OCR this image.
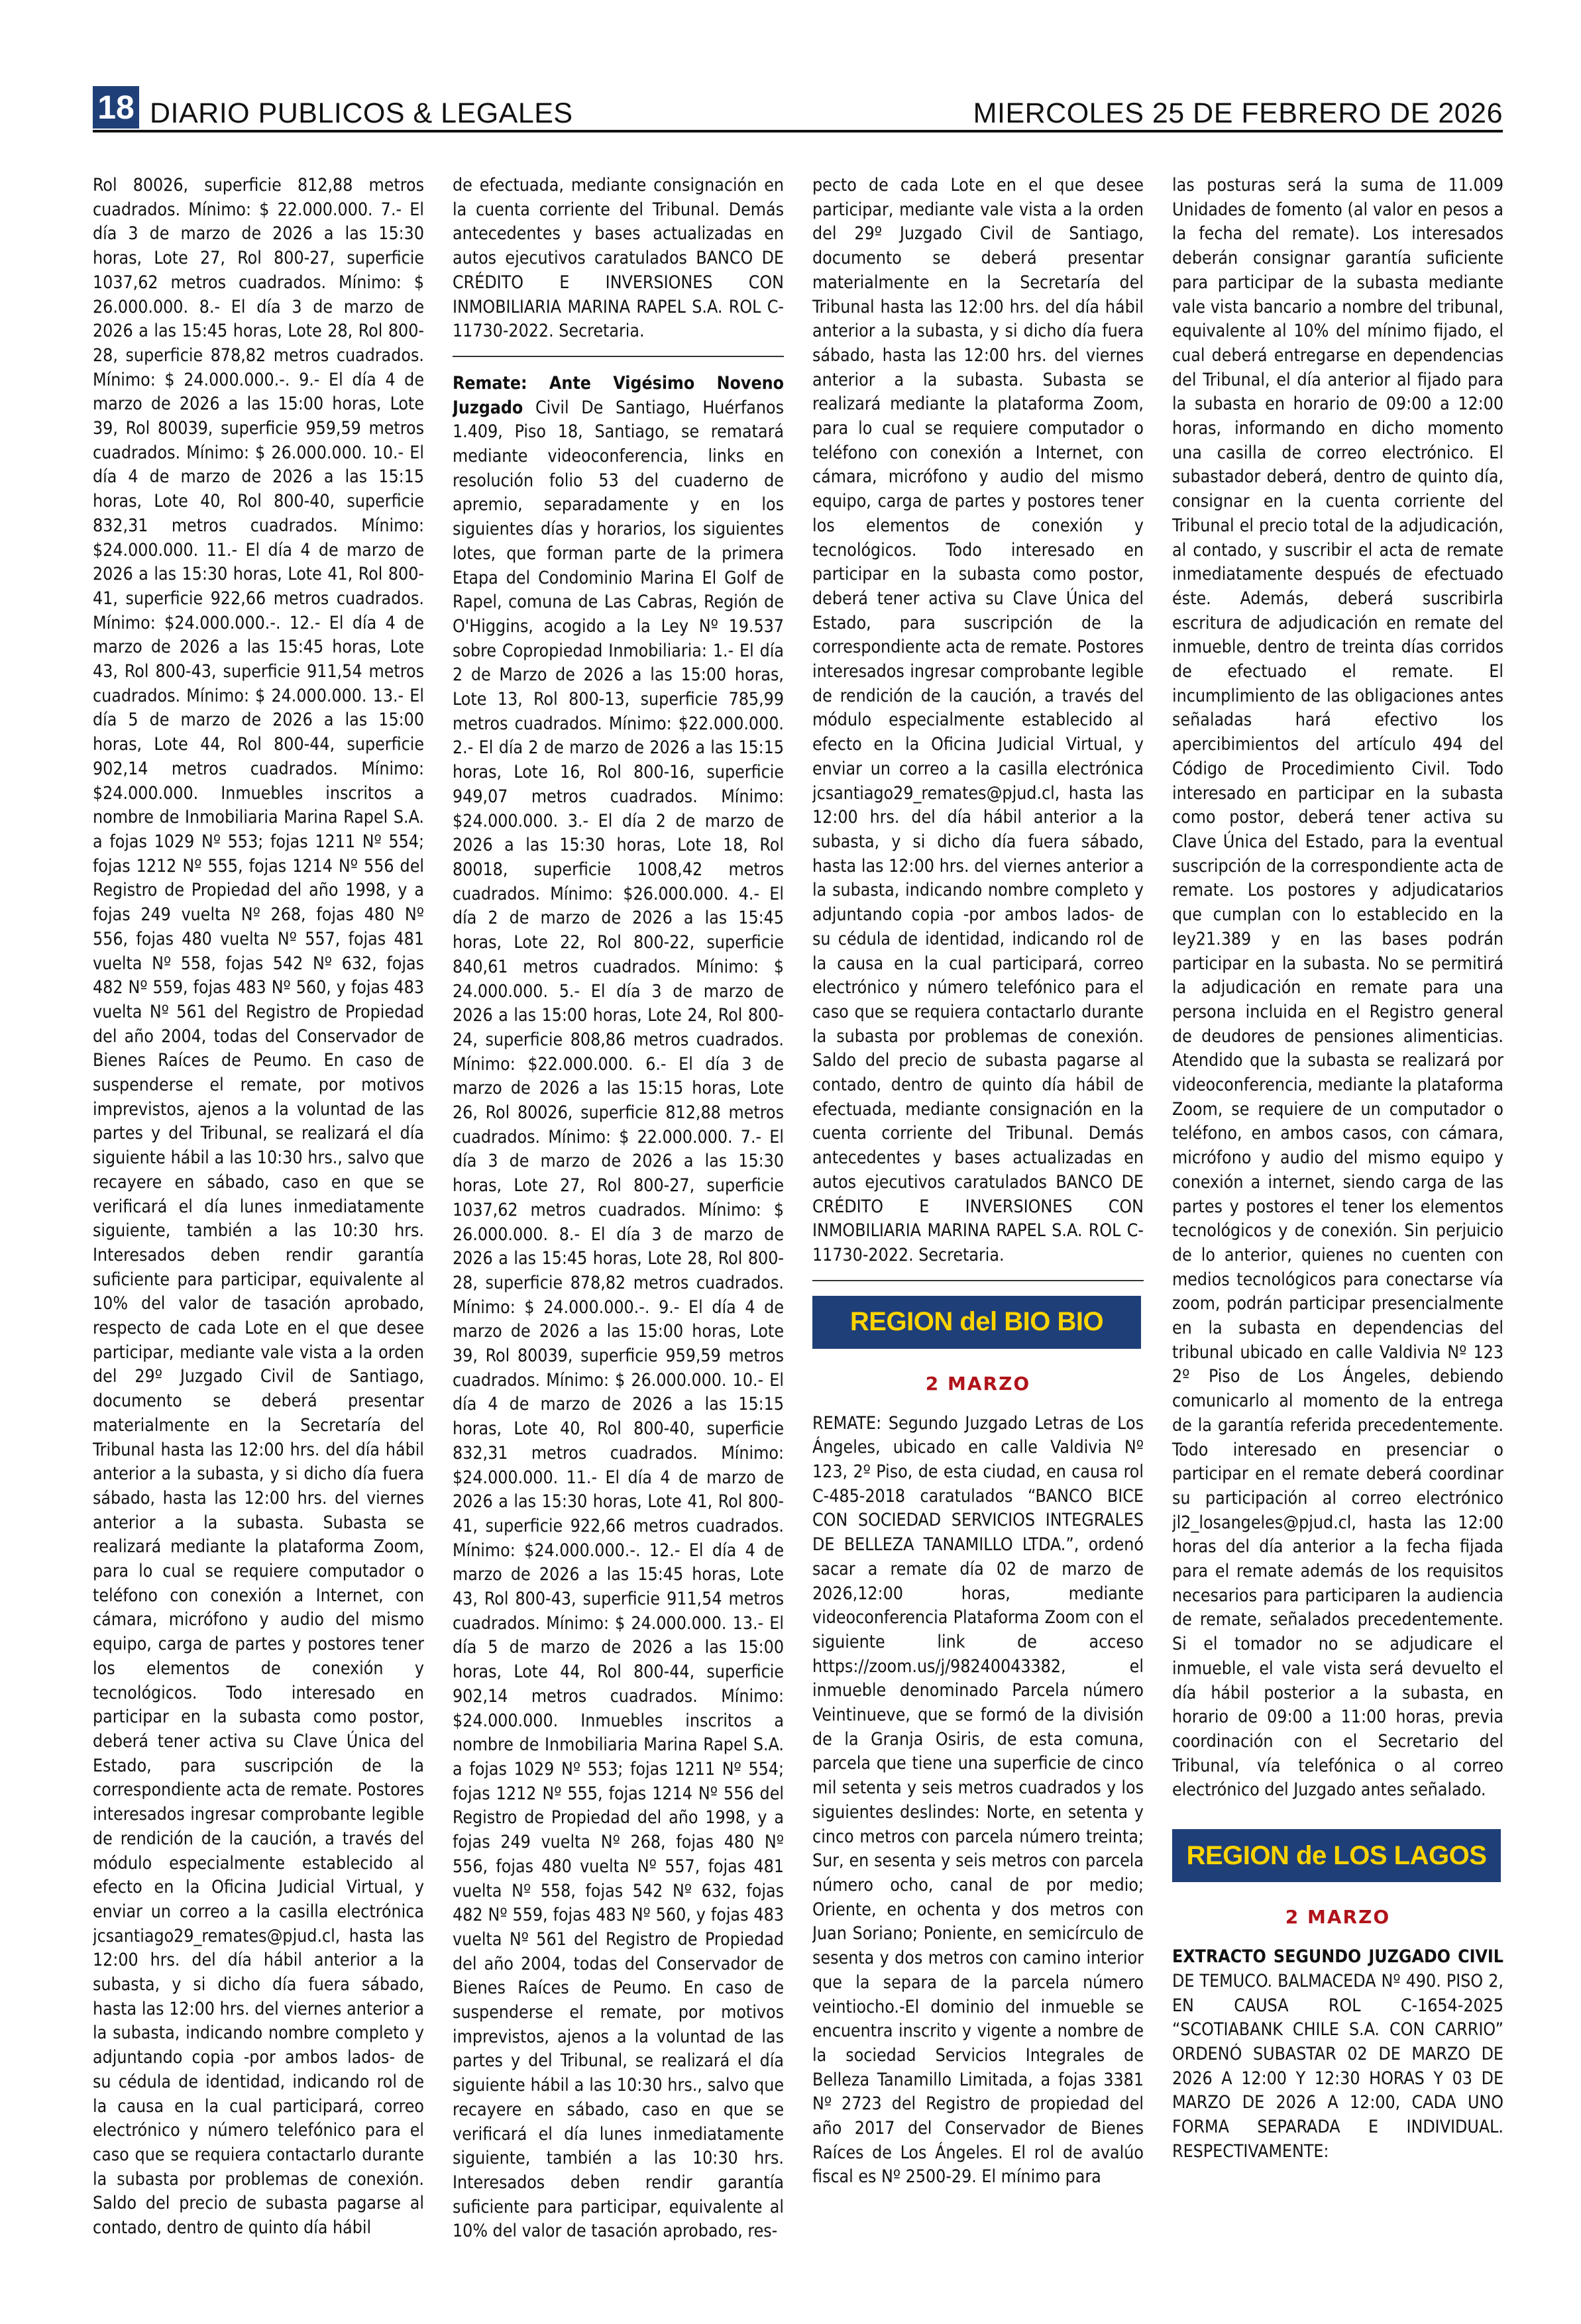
18 DIARIO PUBLICOS & LEGALES	MIERCOLES 25 DE FEBRERO DE 2026

Rol 80026, superficie 812,88 metros cuadrados. Mínimo: $ 22.000.000. 7.- El día 3 de marzo de 2026 a las 15:30 horas, Lote 27, Rol 800-27, superficie 1037,62 metros cuadrados. Mínimo: $ 26.000.000. 8.- El día 3 de marzo de 2026 a las 15:45 horas, Lote 28, Rol 800-28, superficie 878,82 metros cuadrados. Mínimo: $ 24.000.000.-. 9.- El día 4 de marzo de 2026 a las 15:00 horas, Lote 39, Rol 80039, superficie 959,59 metros cuadrados. Mínimo: $ 26.000.000. 10.- El día 4 de marzo de 2026 a las 15:15 horas, Lote 40, Rol 800-40, superficie 832,31 metros cuadrados. Mínimo: $24.000.000. 11.- El día 4 de marzo de 2026 a las 15:30 horas, Lote 41, Rol 800-41, superficie 922,66 metros cuadrados. Mínimo: $24.000.000.-. 12.- El día 4 de marzo de 2026 a las 15:45 horas, Lote 43, Rol 800-43, superficie 911,54 metros cuadrados. Mínimo: $ 24.000.000. 13.- El día 5 de marzo de 2026 a las 15:00 horas, Lote 44, Rol 800-44, superficie 902,14 metros cuadrados. Mínimo: $24.000.000. Inmuebles inscritos a nombre de Inmobiliaria Marina Rapel S.A. a fojas 1029 Nº 553; fojas 1211 Nº 554; fojas 1212 Nº 555, fojas 1214 Nº 556 del Registro de Propiedad del año 1998, y a fojas 249 vuelta Nº 268, fojas 480 Nº 556, fojas 480 vuelta Nº 557, fojas 481 vuelta Nº 558, fojas 542 Nº 632, fojas 482 Nº 559, fojas 483 Nº 560, y fojas 483 vuelta Nº 561 del Registro de Propiedad del año 2004, todas del Conservador de Bienes Raíces de Peumo. En caso de suspenderse el remate, por motivos imprevistos, ajenos a la voluntad de las partes y del Tribunal, se realizará el día siguiente hábil a las 10:30 hrs., salvo que recayere en sábado, caso en que se verificará el día lunes inmediatamente siguiente, también a las 10:30 hrs. Interesados deben rendir garantía suficiente para participar, equivalente al 10% del valor de tasación aprobado, respecto de cada Lote en el que desee participar, mediante vale vista a la orden del 29º Juzgado Civil de Santiago, documento se deberá presentar materialmente en la Secretaría del Tribunal hasta las 12:00 hrs. del día hábil anterior a la subasta, y si dicho día fuera sábado, hasta las 12:00 hrs. del viernes anterior a la subasta. Subasta se realizará mediante la plataforma Zoom, para lo cual se requiere computador o teléfono con conexión a Internet, con cámara, micrófono y audio del mismo equipo, carga de partes y postores tener los elementos de conexión y tecnológicos. Todo interesado en participar en la subasta como postor, deberá tener activa su Clave Única del Estado, para suscripción de la correspondiente acta de remate. Postores interesados ingresar comprobante legible de rendición de la caución, a través del módulo especialmente establecido al efecto en la Oficina Judicial Virtual, y enviar un correo a la casilla electrónica jcsantiago29_remates@pjud.cl, hasta las 12:00 hrs. del día hábil anterior a la subasta, y si dicho día fuera sábado, hasta las 12:00 hrs. del viernes anterior a la subasta, indicando nombre completo y adjuntando copia -por ambos lados- de su cédula de identidad, indicando rol de la causa en la cual participará, correo electrónico y número telefónico para el caso que se requiera contactarlo durante la subasta por problemas de conexión. Saldo del precio de subasta pagarse al contado, dentro de quinto día hábil

de efectuada, mediante consignación en la cuenta corriente del Tribunal. Demás antecedentes y bases actualizadas en autos ejecutivos caratulados BANCO DE CRÉDITO E INVERSIONES CON INMOBILIARIA MARINA RAPEL S.A. ROL C-11730-2022. Secretaria.

Remate: Ante Vigésimo Noveno Juzgado Civil De Santiago, Huérfanos 1.409, Piso 18, Santiago, se rematará mediante videoconferencia, links en resolución folio 53 del cuaderno de apremio, separadamente y en los siguientes días y horarios, los siguientes lotes, que forman parte de la primera Etapa del Condominio Marina El Golf de Rapel, comuna de Las Cabras, Región de O'Higgins, acogido a la Ley Nº 19.537 sobre Copropiedad Inmobiliaria: 1.- El día 2 de Marzo de 2026 a las 15:00 horas, Lote 13, Rol 800-13, superficie 785,99 metros cuadrados. Mínimo: $22.000.000. 2.- El día 2 de marzo de 2026 a las 15:15 horas, Lote 16, Rol 800-16, superficie 949,07 metros cuadrados. Mínimo: $24.000.000. 3.- El día 2 de marzo de 2026 a las 15:30 horas, Lote 18, Rol 80018, superficie 1008,42 metros cuadrados. Mínimo: $26.000.000. 4.- El día 2 de marzo de 2026 a las 15:45 horas, Lote 22, Rol 800-22, superficie 840,61 metros cuadrados. Mínimo: $ 24.000.000. 5.- El día 3 de marzo de 2026 a las 15:00 horas, Lote 24, Rol 800-24, superficie 808,86 metros cuadrados. Mínimo: $22.000.000. 6.- El día 3 de marzo de 2026 a las 15:15 horas, Lote 26, Rol 80026, superficie 812,88 metros cuadrados. Mínimo: $ 22.000.000. 7.- El día 3 de marzo de 2026 a las 15:30 horas, Lote 27, Rol 800-27, superficie 1037,62 metros cuadrados. Mínimo: $ 26.000.000. 8.- El día 3 de marzo de 2026 a las 15:45 horas, Lote 28, Rol 800-28, superficie 878,82 metros cuadrados. Mínimo: $ 24.000.000.-. 9.- El día 4 de marzo de 2026 a las 15:00 horas, Lote 39, Rol 80039, superficie 959,59 metros cuadrados. Mínimo: $ 26.000.000. 10.- El día 4 de marzo de 2026 a las 15:15 horas, Lote 40, Rol 800-40, superficie 832,31 metros cuadrados. Mínimo: $24.000.000. 11.- El día 4 de marzo de 2026 a las 15:30 horas, Lote 41, Rol 800-41, superficie 922,66 metros cuadrados. Mínimo: $24.000.000.-. 12.- El día 4 de marzo de 2026 a las 15:45 horas, Lote 43, Rol 800-43, superficie 911,54 metros cuadrados. Mínimo: $ 24.000.000. 13.- El día 5 de marzo de 2026 a las 15:00 horas, Lote 44, Rol 800-44, superficie 902,14 metros cuadrados. Mínimo: $24.000.000. Inmuebles inscritos a nombre de Inmobiliaria Marina Rapel S.A. a fojas 1029 Nº 553; fojas 1211 Nº 554; fojas 1212 Nº 555, fojas 1214 Nº 556 del Registro de Propiedad del año 1998, y a fojas 249 vuelta Nº 268, fojas 480 Nº 556, fojas 480 vuelta Nº 557, fojas 481 vuelta Nº 558, fojas 542 Nº 632, fojas 482 Nº 559, fojas 483 Nº 560, y fojas 483 vuelta Nº 561 del Registro de Propiedad del año 2004, todas del Conservador de Bienes Raíces de Peumo. En caso de suspenderse el remate, por motivos imprevistos, ajenos a la voluntad de las partes y del Tribunal, se realizará el día siguiente hábil a las 10:30 hrs., salvo que recayere en sábado, caso en que se verificará el día lunes inmediatamente siguiente, también a las 10:30 hrs. Interesados deben rendir garantía suficiente para participar, equivalente al 10% del valor de tasación aprobado, res-

pecto de cada Lote en el que desee participar, mediante vale vista a la orden del 29º Juzgado Civil de Santiago, documento se deberá presentar materialmente en la Secretaría del Tribunal hasta las 12:00 hrs. del día hábil anterior a la subasta, y si dicho día fuera sábado, hasta las 12:00 hrs. del viernes anterior a la subasta. Subasta se realizará mediante la plataforma Zoom, para lo cual se requiere computador o teléfono con conexión a Internet, con cámara, micrófono y audio del mismo equipo, carga de partes y postores tener los elementos de conexión y tecnológicos. Todo interesado en participar en la subasta como postor, deberá tener activa su Clave Única del Estado, para suscripción de la correspondiente acta de remate. Postores interesados ingresar comprobante legible de rendición de la caución, a través del módulo especialmente establecido al efecto en la Oficina Judicial Virtual, y enviar un correo a la casilla electrónica jcsantiago29_remates@pjud.cl, hasta las 12:00 hrs. del día hábil anterior a la subasta, y si dicho día fuera sábado, hasta las 12:00 hrs. del viernes anterior a la subasta, indicando nombre completo y adjuntando copia -por ambos lados- de su cédula de identidad, indicando rol de la causa en la cual participará, correo electrónico y número telefónico para el caso que se requiera contactarlo durante la subasta por problemas de conexión. Saldo del precio de subasta pagarse al contado, dentro de quinto día hábil de efectuada, mediante consignación en la cuenta corriente del Tribunal. Demás antecedentes y bases actualizadas en autos ejecutivos caratulados BANCO DE CRÉDITO E INVERSIONES CON INMOBILIARIA MARINA RAPEL S.A. ROL C-11730-2022. Secretaria.

REGION del BIO BIO
2 MARZO

REMATE: Segundo Juzgado Letras de Los Ángeles, ubicado en calle Valdivia Nº 123, 2º Piso, de esta ciudad, en causa rol C-485-2018 caratulados “BANCO BICE CON SOCIEDAD SERVICIOS INTEGRALES DE BELLEZA TANAMILLO LTDA.”, ordenó sacar a remate día 02 de marzo de 2026,12:00 horas, mediante videoconferencia Plataforma Zoom con el siguiente link de acceso https://zoom.us/j/98240043382, el inmueble denominado Parcela número Veintinueve, que se formó de la división de la Granja Osiris, de esta comuna, parcela que tiene una superficie de cinco mil setenta y seis metros cuadrados y los siguientes deslindes: Norte, en setenta y cinco metros con parcela número treinta; Sur, en sesenta y seis metros con parcela número ocho, canal de por medio; Oriente, en ochenta y dos metros con Juan Soriano; Poniente, en semicírculo de sesenta y dos metros con camino interior que la separa de la parcela número veintiocho.-El dominio del inmueble se encuentra inscrito y vigente a nombre de la sociedad Servicios Integrales de Belleza Tanamillo Limitada, a fojas 3381 Nº 2723 del Registro de propiedad del año 2017 del Conservador de Bienes Raíces de Los Ángeles. El rol de avalúo fiscal es Nº 2500-29. El mínimo para

las posturas será la suma de 11.009 Unidades de fomento (al valor en pesos a la fecha del remate). Los interesados deberán consignar garantía suficiente para participar de la subasta mediante vale vista bancario a nombre del tribunal, equivalente al 10% del mínimo fijado, el cual deberá entregarse en dependencias del Tribunal, el día anterior al fijado para la subasta en horario de 09:00 a 12:00 horas, informando en dicho momento una casilla de correo electrónico. El subastador deberá, dentro de quinto día, consignar en la cuenta corriente del Tribunal el precio total de la adjudicación, al contado, y suscribir el acta de remate inmediatamente después de efectuado éste. Además, deberá suscribirla escritura de adjudicación en remate del inmueble, dentro de treinta días corridos de efectuado el remate. El incumplimiento de las obligaciones antes señaladas hará efectivo los apercibimientos del artículo 494 del Código de Procedimiento Civil. Todo interesado en participar en la subasta como postor, deberá tener activa su Clave Única del Estado, para la eventual suscripción de la correspondiente acta de remate. Los postores y adjudicatarios que cumplan con lo establecido en la Iey21.389 y en las bases podrán participar en la subasta. No se permitirá la adjudicación en remate para una persona incluida en el Registro general de deudores de pensiones alimenticias. Atendido que la subasta se realizará por videoconferencia, mediante la plataforma Zoom, se requiere de un computador o teléfono, en ambos casos, con cámara, micrófono y audio del mismo equipo y conexión a internet, siendo carga de las partes y postores el tener los elementos tecnológicos y de conexión. Sin perjuicio de lo anterior, quienes no cuenten con medios tecnológicos para conectarse vía zoom, podrán participar presencialmente en la subasta en dependencias del tribunal ubicado en calle Valdivia Nº 123 2º Piso de Los Ángeles, debiendo comunicarlo al momento de la entrega de la garantía referida precedentemente. Todo interesado en presenciar o participar en el remate deberá coordinar su participación al correo electrónico jl2_losangeles@pjud.cl, hasta las 12:00 horas del día anterior a la fecha fijada para el remate además de los requisitos necesarios para participaren la audiencia de remate, señalados precedentemente. Si el tomador no se adjudicare el inmueble, el vale vista será devuelto el día hábil posterior a la subasta, en horario de 09:00 a 11:00 horas, previa coordinación con el Secretario del Tribunal, vía telefónica o al correo electrónico del Juzgado antes señalado.

REGION de LOS LAGOS
2 MARZO

EXTRACTO SEGUNDO JUZGADO CIVIL DE TEMUCO. BALMACEDA Nº 490. PISO 2, EN CAUSA ROL C-1654-2025 “SCOTIABANK CHILE S.A. CON CARRIO” ORDENÓ SUBASTAR 02 DE MARZO DE 2026 A 12:00 Y 12:30 HORAS Y 03 DE MARZO DE 2026 A 12:00, CADA UNO FORMA SEPARADA E INDIVIDUAL. RESPECTIVAMENTE:
